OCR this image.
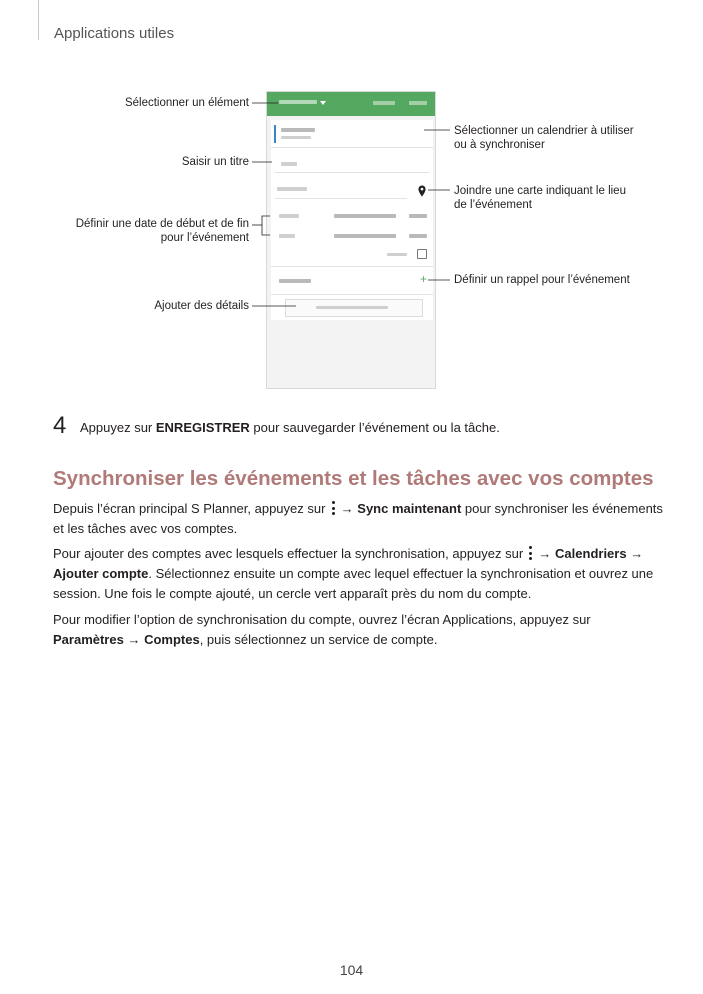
Applications utiles
+
Sélectionner un élément
Saisir un titre
Définir une date de début et de fin
pour l’événement
Ajouter des détails
Sélectionner un calendrier à utiliser
ou à synchroniser
Joindre une carte indiquant le lieu
de l’événement
Définir un rappel pour l’événement
4 Appuyez sur ENREGISTRER pour sauvegarder l’événement ou la tâche.
Synchroniser les événements et les tâches avec vos comptes
Depuis l’écran principal S Planner, appuyez sur
→ Sync maintenant pour synchroniser les événements et les tâches avec vos comptes.
Pour ajouter des comptes avec lesquels effectuer la synchronisation, appuyez sur
→ Calendriers → Ajouter compte. Sélectionnez ensuite un compte avec lequel effectuer la synchronisation et ouvrez une session. Une fois le compte ajouté, un cercle vert apparaît près du nom du compte.
Pour modifier l’option de synchronisation du compte, ouvrez l’écran Applications, appuyez sur Paramètres → Comptes, puis sélectionnez un service de compte.
104
